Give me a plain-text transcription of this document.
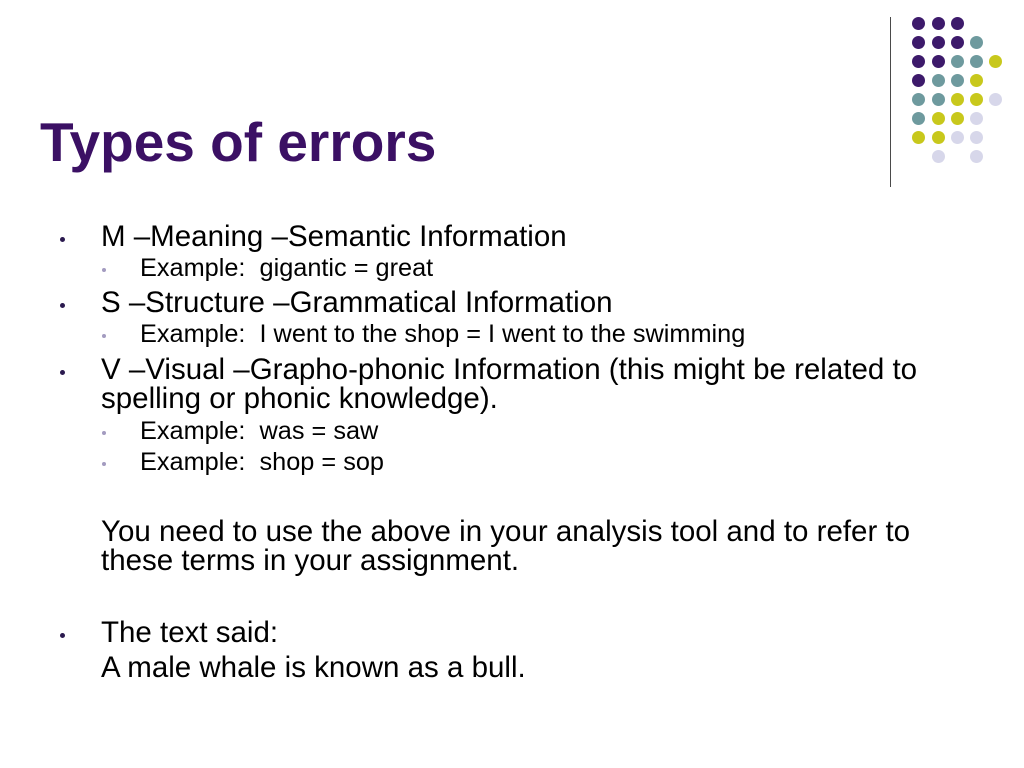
Types of errors
M –Meaning –Semantic Information
Example:  gigantic = great
S –Structure –Grammatical Information
Example:  I went to the shop = I went to the swimming
V –Visual –Grapho-phonic Information (this might be related to spelling or phonic knowledge).
Example:  was = saw
Example:  shop = sop
You need to use the above in your analysis tool and to refer to these terms in your assignment.
The text said:
A male whale is known as a bull.
